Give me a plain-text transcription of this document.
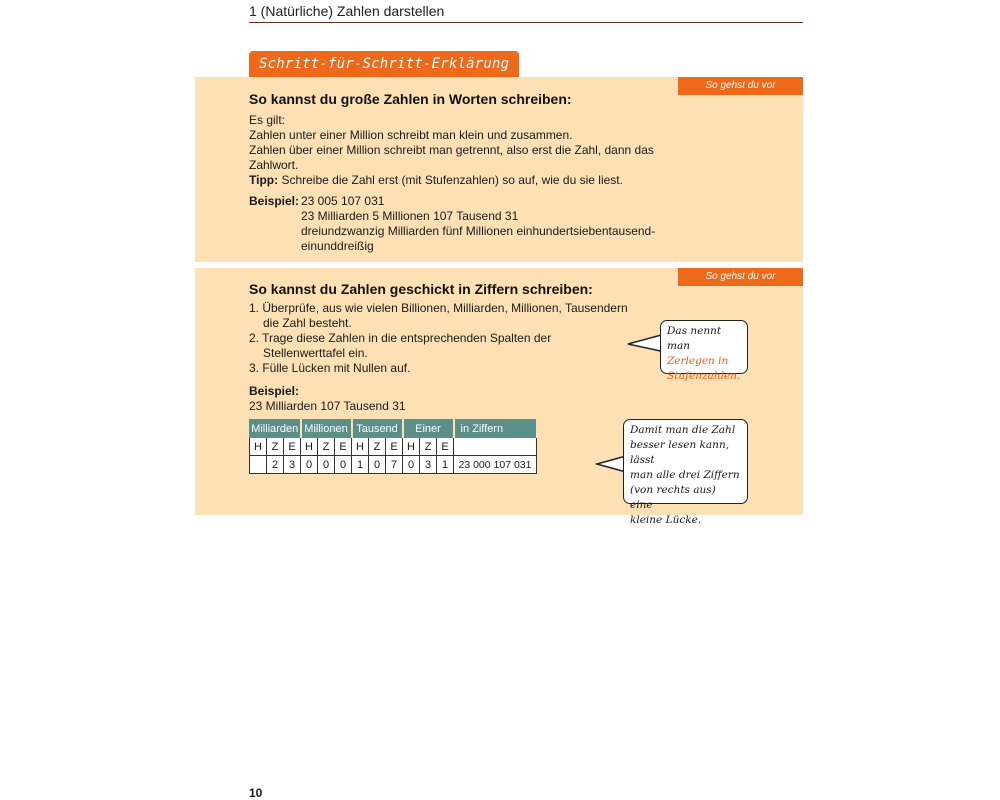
1 (Natürliche) Zahlen darstellen
Schritt-für-Schritt-Erklärung
So gehst du vor
So kannst du große Zahlen in Worten schreiben:
Es gilt:
Zahlen unter einer Million schreibt man klein und zusammen.
Zahlen über einer Million schreibt man getrennt, also erst die Zahl, dann das
Zahlwort.
Tipp: Schreibe die Zahl erst (mit Stufenzahlen) so auf, wie du sie liest.
Beispiel: 23 005 107 031
23 Milliarden 5 Millionen 107 Tausend 31
dreiundzwanzig Milliarden fünf Millionen einhundertsiebentausend-
einunddreißig
So gehst du vor
So kannst du Zahlen geschickt in Ziffern schreiben:
1. Überprüfe, aus wie vielen Billionen, Milliarden, Millionen, Tausendern
die Zahl besteht.
2. Trage diese Zahlen in die entsprechenden Spalten der
Stellenwerttafel ein.
3. Fülle Lücken mit Nullen auf.
Beispiel:
23 Milliarden 107 Tausend 31
Milliarden			Millionen			Tausend			Einer			in Ziffern
H	Z	E	H	Z	E	H	Z	E	H	Z	E	
	2	3	0	0	0	1	0	7	0	3	1	23 000 107 031
Das nennt man
Zerlegen in
Stufenzahlen.
Damit man die Zahl
besser lesen kann, lässt
man alle drei Ziffern
(von rechts aus) eine
kleine Lücke.
10
